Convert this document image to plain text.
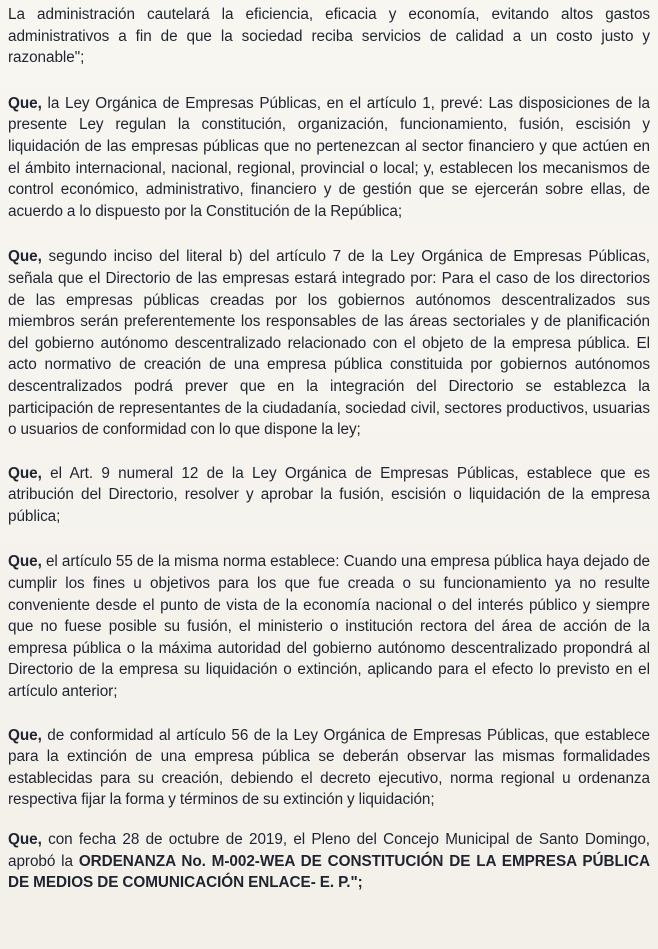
La administración cautelará la eficiencia, eficacia y economía, evitando altos gastos administrativos a fin de que la sociedad reciba servicios de calidad a un costo justo y razonable";

Que, la Ley Orgánica de Empresas Públicas, en el artículo 1, prevé: Las disposiciones de la presente Ley regulan la constitución, organización, funcionamiento, fusión, escisión y liquidación de las empresas públicas que no pertenezcan al sector financiero y que actúen en el ámbito internacional, nacional, regional, provincial o local; y, establecen los mecanismos de control económico, administrativo, financiero y de gestión que se ejercerán sobre ellas, de acuerdo a lo dispuesto por la Constitución de la República;

Que, segundo inciso del literal b) del artículo 7 de la Ley Orgánica de Empresas Públicas, señala que el Directorio de las empresas estará integrado por: Para el caso de los directorios de las empresas públicas creadas por los gobiernos autónomos descentralizados sus miembros serán preferentemente los responsables de las áreas sectoriales y de planificación del gobierno autónomo descentralizado relacionado con el objeto de la empresa pública. El acto normativo de creación de una empresa pública constituida por gobiernos autónomos descentralizados podrá prever que en la integración del Directorio se establezca la participación de representantes de la ciudadanía, sociedad civil, sectores productivos, usuarias o usuarios de conformidad con lo que dispone la ley;

Que, el Art. 9 numeral 12 de la Ley Orgánica de Empresas Públicas, establece que es atribución del Directorio, resolver y aprobar la fusión, escisión o liquidación de la empresa pública;

Que, el artículo 55 de la misma norma establece: Cuando una empresa pública haya dejado de cumplir los fines u objetivos para los que fue creada o su funcionamiento ya no resulte conveniente desde el punto de vista de la economía nacional o del interés público y siempre que no fuese posible su fusión, el ministerio o institución rectora del área de acción de la empresa pública o la máxima autoridad del gobierno autónomo descentralizado propondrá al Directorio de la empresa su liquidación o extinción, aplicando para el efecto lo previsto en el artículo anterior;

Que, de conformidad al artículo 56 de la Ley Orgánica de Empresas Públicas, que establece para la extinción de una empresa pública se deberán observar las mismas formalidades establecidas para su creación, debiendo el decreto ejecutivo, norma regional u ordenanza respectiva fijar la forma y términos de su extinción y liquidación;

Que, con fecha 28 de octubre de 2019, el Pleno del Concejo Municipal de Santo Domingo, aprobó la ORDENANZA No. M-002-WEA DE CONSTITUCIÓN DE LA EMPRESA PÚBLICA DE MEDIOS DE COMUNICACIÓN ENLACE- E. P.";
